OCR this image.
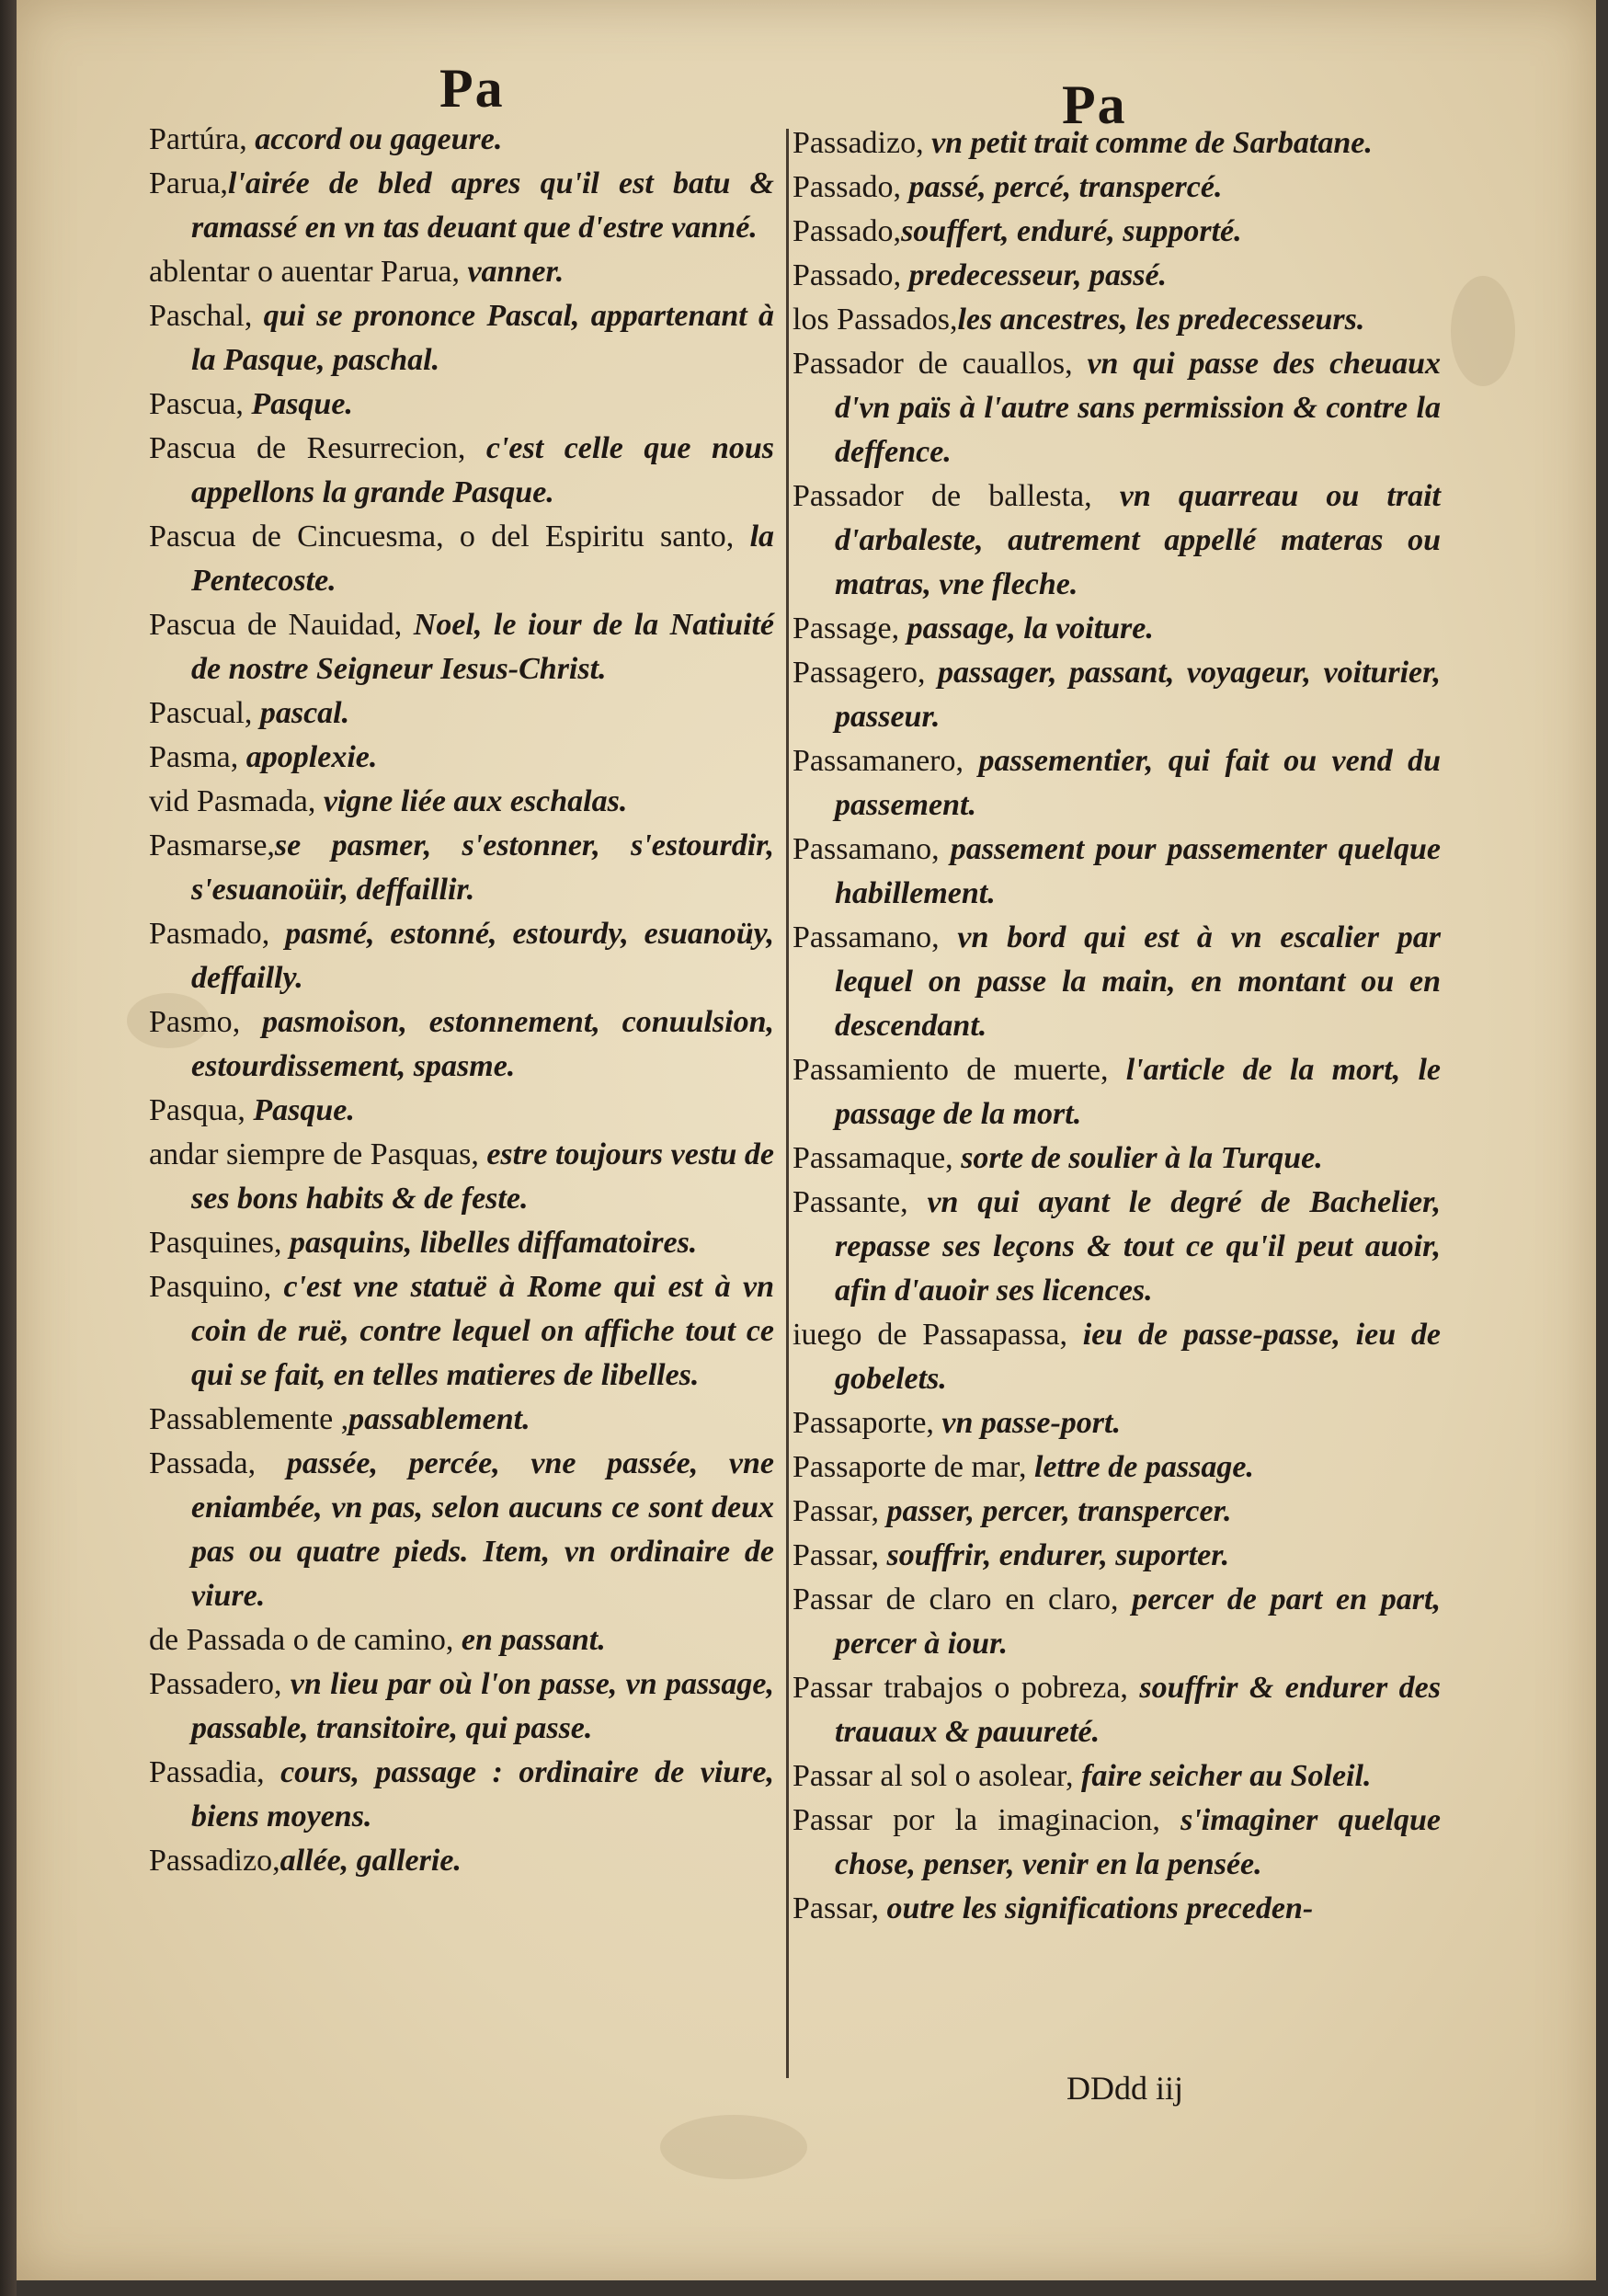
Pa	Pa
Partúra, accord ou gageure.
Parua,l'airée de bled apres qu'il est batu & ramassé en vn tas deuant que d'estre vanné.
ablentar o auentar Parua, vanner.
Paschal, qui se prononce Pascal, appartenant à la Pasque, paschal.
Pascua, Pasque.
Pascua de Resurrecion, c'est celle que nous appellons la grande Pasque.
Pascua de Cincuesma, o del Espiritu santo, la Pentecoste.
Pascua de Nauidad, Noel, le iour de la Natiuité de nostre Seigneur Iesus-Christ.
Pascual, pascal.
Pasma, apoplexie.
vid Pasmada, vigne liée aux eschalas.
Pasmarse,se pasmer, s'estonner, s'estourdir, s'esuanoüir, deffaillir.
Pasmado, pasmé, estonné, estourdy, esuanoüy, deffailly.
Pasmo, pasmoison, estonnement, conuulsion, estourdissement, spasme.
Pasqua, Pasque.
andar siempre de Pasquas, estre toujours vestu de ses bons habits & de feste.
Pasquines, pasquins, libelles diffamatoires.
Pasquino, c'est vne statuë à Rome qui est à vn coin de ruë, contre lequel on affiche tout ce qui se fait, en telles matieres de libelles.
Passablemente ,passablement.
Passada, passée, percée, vne passée, vne eniambée, vn pas, selon aucuns ce sont deux pas ou quatre pieds. Item, vn ordinaire de viure.
de Passada o de camino, en passant.
Passadero, vn lieu par où l'on passe, vn passage, passable, transitoire, qui passe.
Passadia, cours, passage : ordinaire de viure, biens moyens.
Passadizo,allée, gallerie.
Passadizo, vn petit trait comme de Sarbatane.
Passado, passé, percé, transpercé.
Passado,souffert, enduré, supporté.
Passado, predecesseur, passé.
los Passados,les ancestres, les predecesseurs.
Passador de cauallos, vn qui passe des cheuaux d'vn païs à l'autre sans permission & contre la deffence.
Passador de ballesta, vn quarreau ou trait d'arbaleste, autrement appellé materas ou matras, vne fleche.
Passage, passage, la voiture.
Passagero, passager, passant, voyageur, voiturier, passeur.
Passamanero, passementier, qui fait ou vend du passement.
Passamano, passement pour passementer quelque habillement.
Passamano, vn bord qui est à vn escalier par lequel on passe la main, en montant ou en descendant.
Passamiento de muerte, l'article de la mort, le passage de la mort.
Passamaque, sorte de soulier à la Turque.
Passante, vn qui ayant le degré de Bachelier, repasse ses leçons & tout ce qu'il peut auoir, afin d'auoir ses licences.
iuego de Passapassa, ieu de passe-passe, ieu de gobelets.
Passaporte, vn passe-port.
Passaporte de mar, lettre de passage.
Passar, passer, percer, transpercer.
Passar, souffrir, endurer, suporter.
Passar de claro en claro, percer de part en part, percer à iour.
Passar trabajos o pobreza, souffrir & endurer des trauaux & pauureté.
Passar al sol o asolear, faire seicher au Soleil.
Passar por la imaginacion, s'imaginer quelque chose, penser, venir en la pensée.
Passar, outre les significations preceden-
DDdd iij
